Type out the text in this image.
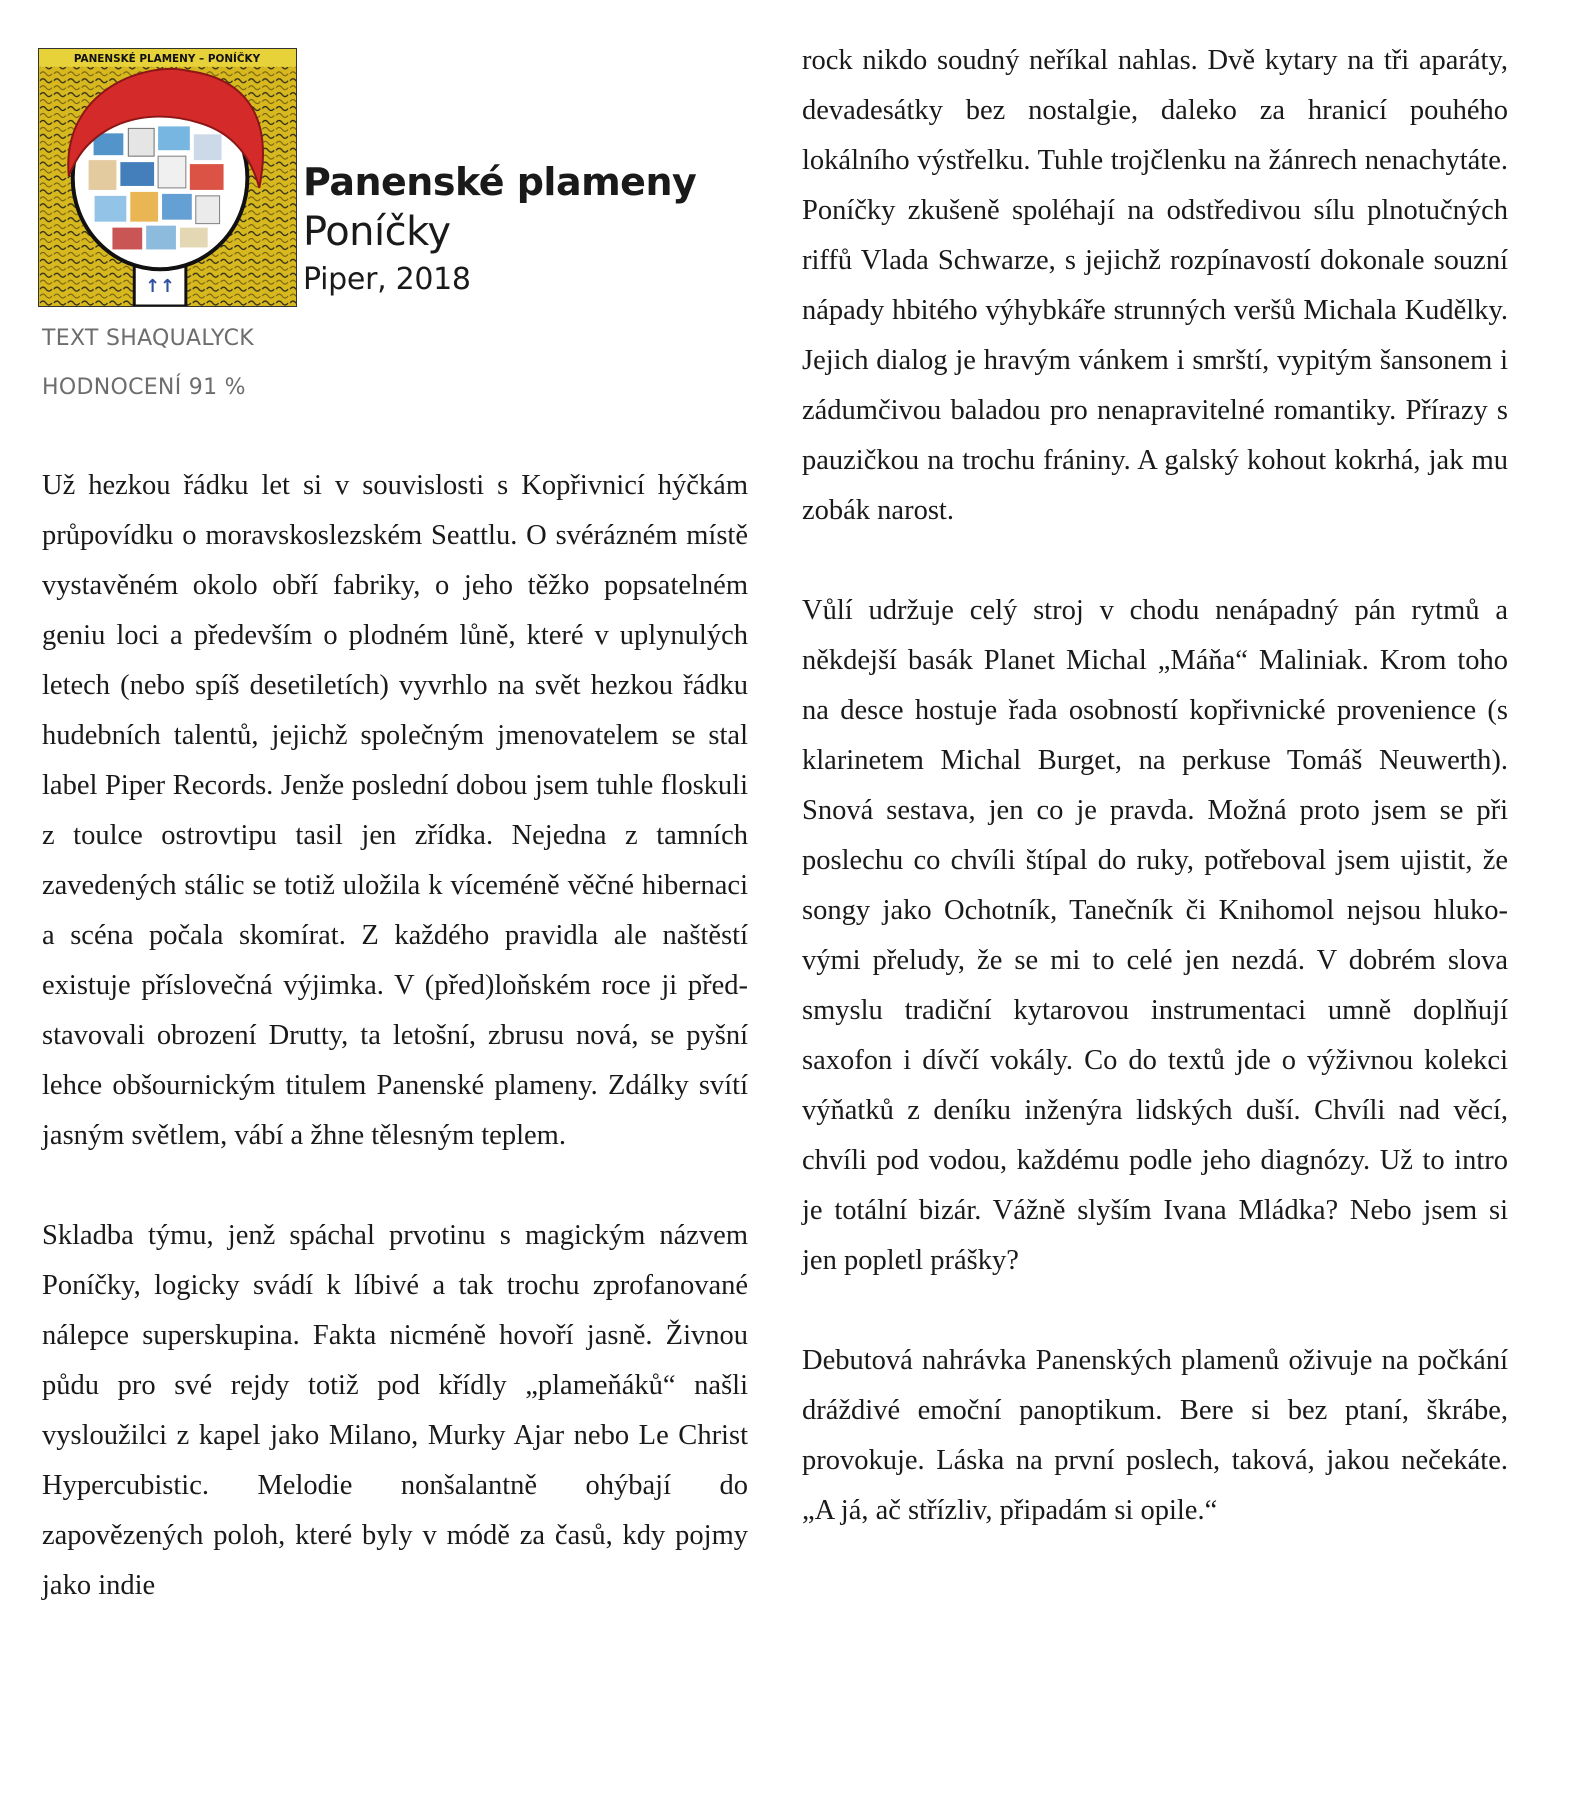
PANENSKÉ PLAMENY – PONÍČKY
↑↑
Panenské plameny
Poníčky
Piper, 2018
TEXT SHAQUALYCK
HODNOCENÍ 91 %

Už hezkou řádku let si v souvislosti s Kopřivnicí hýčkám průpovídku o moravskoslezském Seattlu. O svérázném místě vystavěném okolo obří fabriky, o jeho těžko popsatelném geniu loci a především o plodném lůně, které v uplynulých letech (nebo spíš desetiletích) vyvrhlo na svět hezkou řádku hudebních talentů, jejichž společným jmenovatelem se stal label Piper Records. Jenže poslední dobou jsem tuhle floskuli z toulce ostrovtipu tasil jen zřídka. Nejedna z tamních zavedených stálic se totiž uložila k víceméně věčné hibernaci a scéna počala skomírat. Z každého pravidla ale naštěstí existuje příslovečná výjimka. V (před)loňském roce ji představovali obrození Drutty, ta letošní, zbrusu nová, se pyšní lehce obšournickým titulem Panenské plameny. Zdálky svítí jasným světlem, vábí a žhne tělesným teplem.

Skladba týmu, jenž spáchal prvotinu s magickým názvem Poníčky, logicky svádí k líbivé a tak trochu zprofanované nálepce superskupina. Fakta nicméně hovoří jasně. Živnou půdu pro své rejdy totiž pod křídly „plameňáků“ našli vysloužilci z kapel jako Milano, Murky Ajar nebo Le Christ Hypercubistic. Melodie nonšalantně ohýbají do zapovězených poloh, které byly v módě za časů, kdy pojmy jako indie

rock nikdo soudný neříkal nahlas. Dvě kytary na tři aparáty, devadesátky bez nostalgie, daleko za hranicí pouhého lokálního výstřelku. Tuhle trojčlenku na žánrech nenachytáte. Poníčky zkušeně spoléhají na odstředivou sílu plnotučných riffů Vlada Schwarze, s jejichž rozpínavostí dokonale souzní nápady hbitého výhybkáře strunných veršů Michala Kudělky. Jejich dialog je hravým vánkem i smrští, vypitým šansonem i zádumčivou baladou pro nenapravitelné romantiky. Přírazy s pauzičkou na trochu frániny. A galský kohout kokrhá, jak mu zobák narost.

Vůlí udržuje celý stroj v chodu nenápadný pán rytmů a někdejší basák Planet Michal „Máňa“ Maliniak. Krom toho na desce hostuje řada osobností kopřivnické provenience (s klarinetem Michal Burget, na perkuse Tomáš Neuwerth). Snová sestava, jen co je pravda. Možná proto jsem se při poslechu co chvíli štípal do ruky, potřeboval jsem ujistit, že songy jako Ochotník, Tanečník či Knihomol nejsou hlukovými přeludy, že se mi to celé jen nezdá. V dobrém slova smyslu tradiční kytarovou instrumentaci umně doplňují saxofon i dívčí vokály. Co do textů jde o výživnou kolekci výňatků z deníku inženýra lidských duší. Chvíli nad věcí, chvíli pod vodou, každému podle jeho diagnózy. Už to intro je totální bizár. Vážně slyším Ivana Mládka? Nebo jsem si jen popletl prášky?

Debutová nahrávka Panenských plamenů oživuje na počkání dráždivé emoční panoptikum. Bere si bez ptaní, škrábe, provokuje. Láska na první poslech, taková, jakou nečekáte. „A já, ač střízliv, připadám si opile.“
